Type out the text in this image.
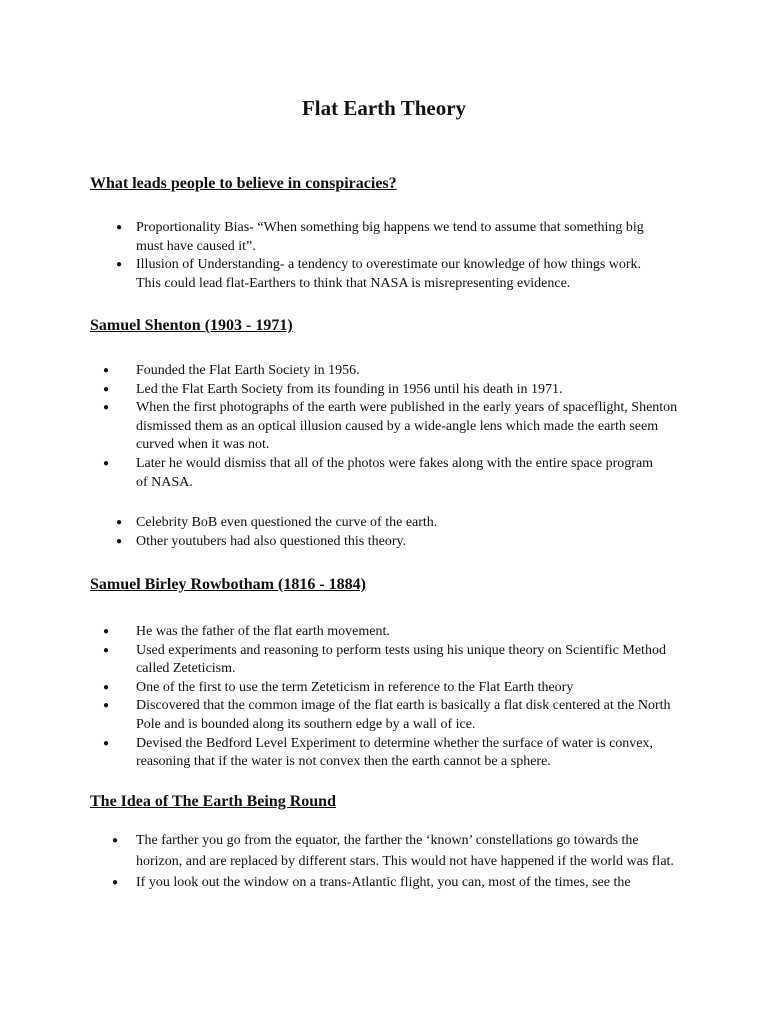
Flat Earth Theory
What leads people to believe in conspiracies?
● Proportionality Bias- “When something big happens we tend to assume that something big must have caused it”.
● Illusion of Understanding- a tendency to overestimate our knowledge of how things work. This could lead flat-Earthers to think that NASA is misrepresenting evidence.
Samuel Shenton (1903 - 1971)
● Founded the Flat Earth Society in 1956.
● Led the Flat Earth Society from its founding in 1956 until his death in 1971.
● When the first photographs of the earth were published in the early years of spaceflight, Shenton dismissed them as an optical illusion caused by a wide-angle lens which made the earth seem curved when it was not.
● Later he would dismiss that all of the photos were fakes along with the entire space program of NASA.
● Celebrity BoB even questioned the curve of the earth.
● Other youtubers had also questioned this theory.
Samuel Birley Rowbotham (1816 - 1884)
● He was the father of the flat earth movement.
● Used experiments and reasoning to perform tests using his unique theory on Scientific Method called Zeteticism.
● One of the first to use the term Zeteticism in reference to the Flat Earth theory
● Discovered that the common image of the flat earth is basically a flat disk centered at the North Pole and is bounded along its southern edge by a wall of ice.
● Devised the Bedford Level Experiment to determine whether the surface of water is convex, reasoning that if the water is not convex then the earth cannot be a sphere.
The Idea of The Earth Being Round
● The farther you go from the equator, the farther the ‘known’ constellations go towards the horizon, and are replaced by different stars. This would not have happened if the world was flat.
● If you look out the window on a trans-Atlantic flight, you can, most of the times, see the
